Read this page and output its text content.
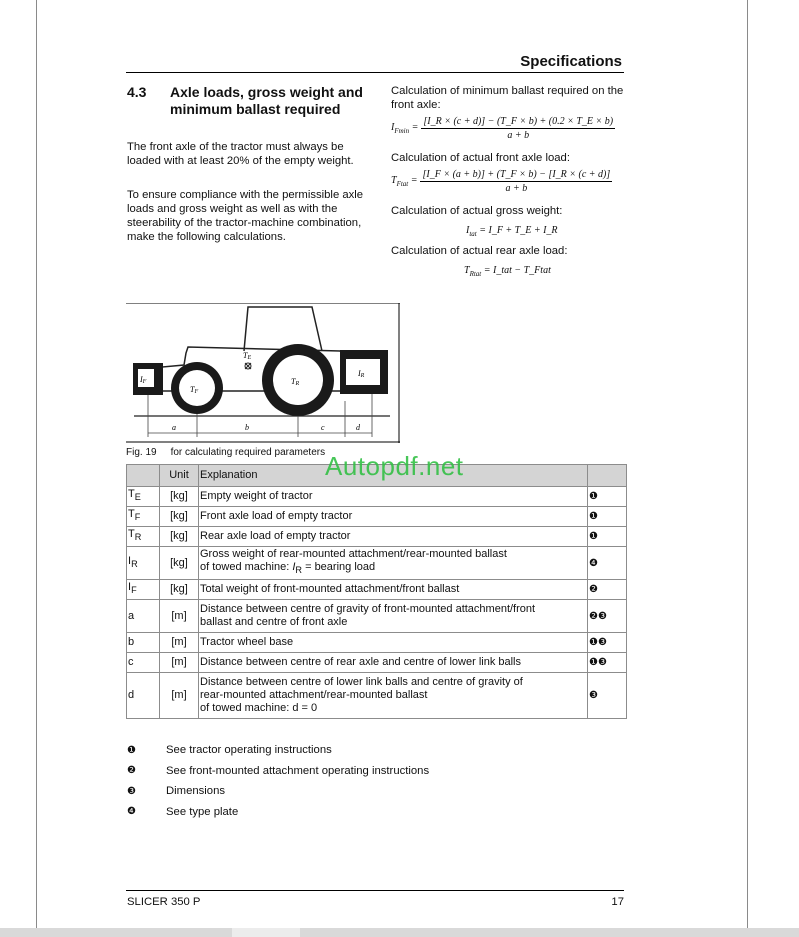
Specifications
4.3 Axle loads, gross weight and minimum ballast required
The front axle of the tractor must always be loaded with at least 20% of the empty weight.
To ensure compliance with the permissible axle loads and gross weight as well as with the steerability of the tractor-machine combination, make the following calculations.
Calculation of minimum ballast required on the front axle:
$I_{Fmin} = \frac{[I\_R \times (c + d)] - (T\_F \times b) + (0.2 \times T\_E \times b)}{a + b}$
Calculation of actual front axle load:
$T_{Ftat} = \frac{[I\_F \times (a + b)] + (T\_F \times b) - [I\_R \times (c + d)]}{a + b}$
Calculation of actual gross weight:
$I_{tat}$ = I_F + T_E + I_R
Calculation of actual rear axle load:
$T_{Rtat}$ = I_tat − T_Ftat
TE
TF
TR
IF
IR
a	b	c	d
Fig. 19 for calculating required parameters
	Unit	Explanation	
$T_E$	[kg]	Empty weight of tractor	❶
$T_F$	[kg]	Front axle load of empty tractor	❶
$T_R$	[kg]	Rear axle load of empty tractor	❶
$I_R$	[kg]	Gross weight of rear-mounted attachment/rear-mounted ballast
of towed machine: $I_R$ = bearing load	❹
$I_F$	[kg]	Total weight of front-mounted attachment/front ballast	❷
a	[m]	Distance between centre of gravity of front-mounted attachment/front
ballast and centre of front axle	❷❸
b	[m]	Tractor wheel base	❶❸
c	[m]	Distance between centre of rear axle and centre of lower link balls	❶❸
d	[m]	Distance between centre of lower link balls and centre of gravity of
rear-mounted attachment/rear-mounted ballast
of towed machine: d = 0	❸
❶	See tractor operating instructions
❷	See front-mounted attachment operating instructions
❸	Dimensions
❹	See type plate
SLICER 350 P	17
Autopdf.net
